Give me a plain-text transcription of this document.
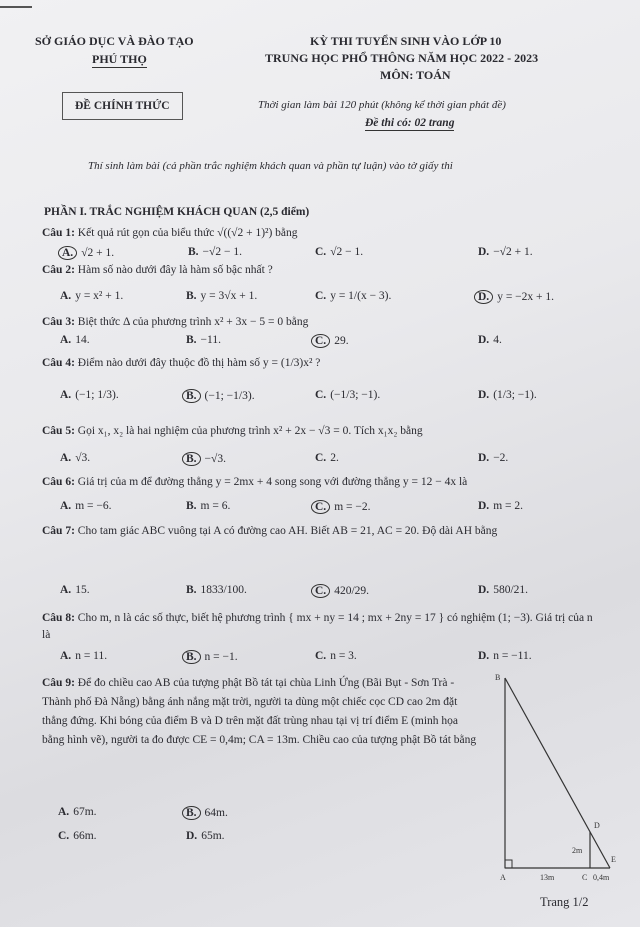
SỞ GIÁO DỤC VÀ ĐÀO TẠO
PHÚ THỌ
ĐỀ CHÍNH THỨC
KỲ THI TUYỂN SINH VÀO LỚP 10
TRUNG HỌC PHỔ THÔNG NĂM HỌC 2022 - 2023
MÔN: TOÁN
Thời gian làm bài 120 phút (không kể thời gian phát đề)
Đề thi có: 02 trang
Thí sinh làm bài (cả phần trắc nghiệm khách quan và phần tự luận) vào tờ giấy thi
PHẦN I. TRẮC NGHIỆM KHÁCH QUAN (2,5 điểm)
Câu 1: Kết quả rút gọn của biểu thức √((√2 + 1)²) bằng
A. √2 + 1.	B. −√2 − 1.	C. √2 − 1.	D. −√2 + 1.
Câu 2: Hàm số nào dưới đây là hàm số bậc nhất ?
A. y = x² + 1.	B. y = 3√x + 1.	C. y = 1/(x − 3).	D. y = −2x + 1.
Câu 3: Biệt thức Δ của phương trình x² + 3x − 5 = 0 bằng
A. 14.	B. −11.	C. 29.	D. 4.
Câu 4: Điểm nào dưới đây thuộc đồ thị hàm số y = (1/3)x² ?
A. (−1; 1/3).	B. (−1; −1/3).	C. (−1/3; −1).	D. (1/3; −1).
Câu 5: Gọi x₁, x₂ là hai nghiệm của phương trình x² + 2x − √3 = 0. Tích x₁x₂ bằng
A. √3.	B. −√3.	C. 2.	D. −2.
Câu 6: Giá trị của m để đường thẳng y = 2mx + 4 song song với đường thẳng y = 12 − 4x là
A. m = −6.	B. m = 6.	C. m = −2.	D. m = 2.
Câu 7: Cho tam giác ABC vuông tại A có đường cao AH. Biết AB = 21, AC = 20. Độ dài AH bằng
A. 15.	B. 1833/100.	C. 420/29.	D. 580/21.
Câu 8: Cho m, n là các số thực, biết hệ phương trình { mx + ny = 14 ; mx + 2ny = 17 } có nghiệm (1; −3). Giá trị của n là
A. n = 11.	B. n = −1.	C. n = 3.	D. n = −11.
Câu 9: Để đo chiều cao AB của tượng phật Bồ tát tại chùa Linh Ứng (Bãi Bụt - Sơn Trà - Thành phố Đà Nẵng) bằng ánh nắng mặt trời, người ta dùng một chiếc cọc CD cao 2m đặt thẳng đứng. Khi bóng của điểm B và D trên mặt đất trùng nhau tại vị trí điểm E (minh họa bằng hình vẽ), người ta đo được CE = 0,4m; CA = 13m. Chiều cao của tượng phật Bồ tát bằng
A. 67m.	B. 64m.
C. 66m.	D. 65m.
B
D
A	C
E
2m
13m	0,4m
Trang 1/2
